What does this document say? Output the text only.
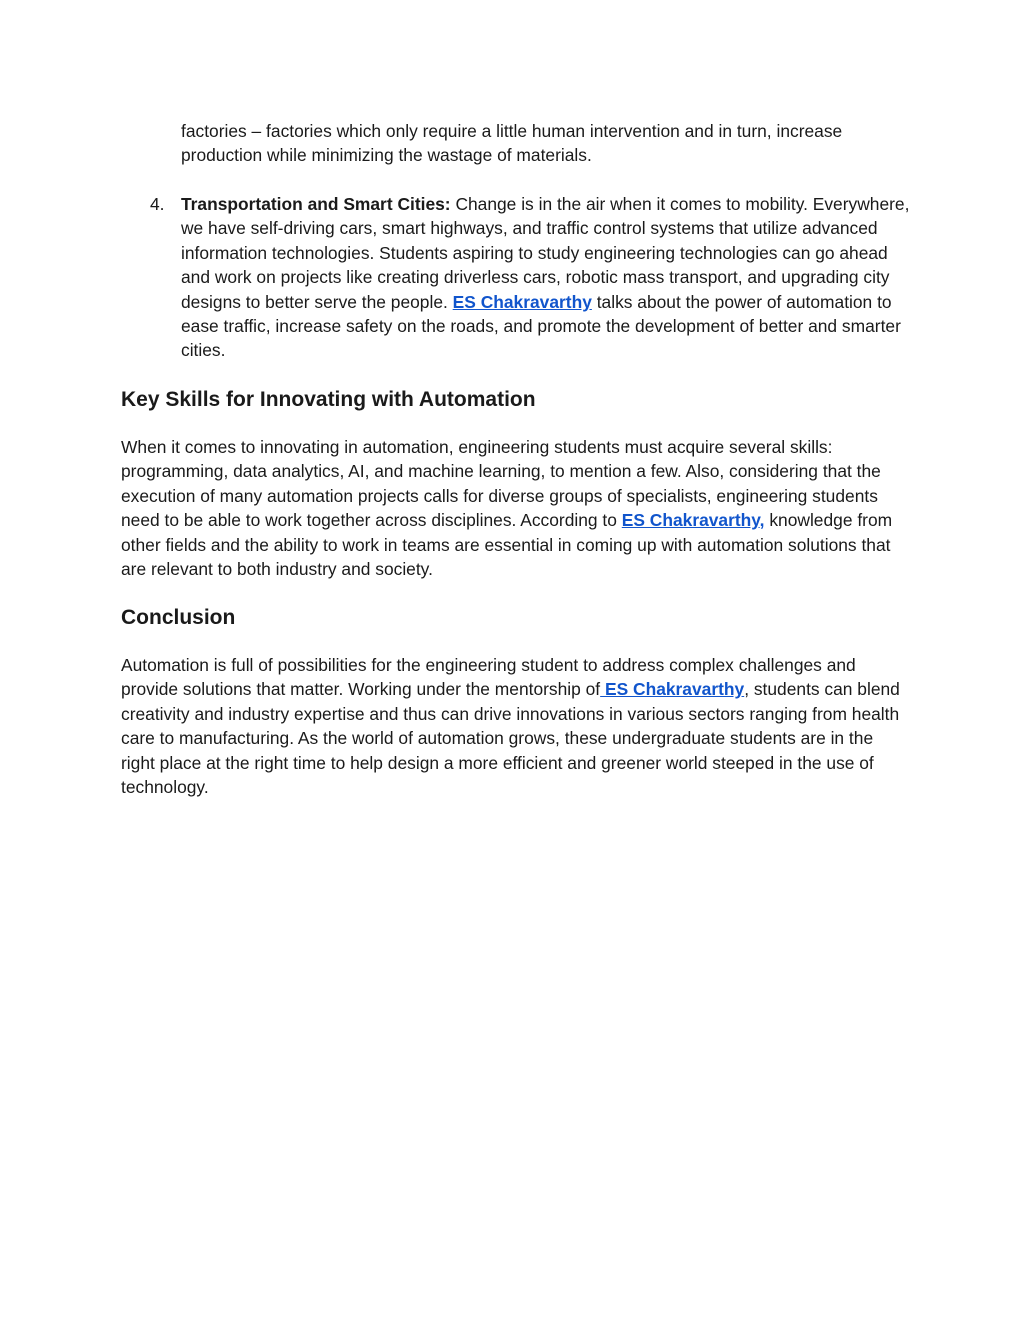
factories – factories which only require a little human intervention and in turn, increase
production while minimizing the wastage of materials.

4. Transportation and Smart Cities: Change is in the air when it comes to mobility. Everywhere, we have self-driving cars, smart highways, and traffic control systems that utilize advanced information technologies. Students aspiring to study engineering technologies can go ahead and work on projects like creating driverless cars, robotic mass transport, and upgrading city designs to better serve the people. ES Chakravarthy talks about the power of automation to ease traffic, increase safety on the roads, and promote the development of better and smarter cities.
Key Skills for Innovating with Automation

When it comes to innovating in automation, engineering students must acquire several skills: programming, data analytics, AI, and machine learning, to mention a few. Also, considering that the execution of many automation projects calls for diverse groups of specialists, engineering students need to be able to work together across disciplines. According to ES Chakravarthy, knowledge from other fields and the ability to work in teams are essential in coming up with automation solutions that are relevant to both industry and society.

Conclusion

Automation is full of possibilities for the engineering student to address complex challenges and provide solutions that matter. Working under the mentorship of ES Chakravarthy, students can blend creativity and industry expertise and thus can drive innovations in various sectors ranging from health care to manufacturing. As the world of automation grows, these undergraduate students are in the right place at the right time to help design a more efficient and greener world steeped in the use of technology.
